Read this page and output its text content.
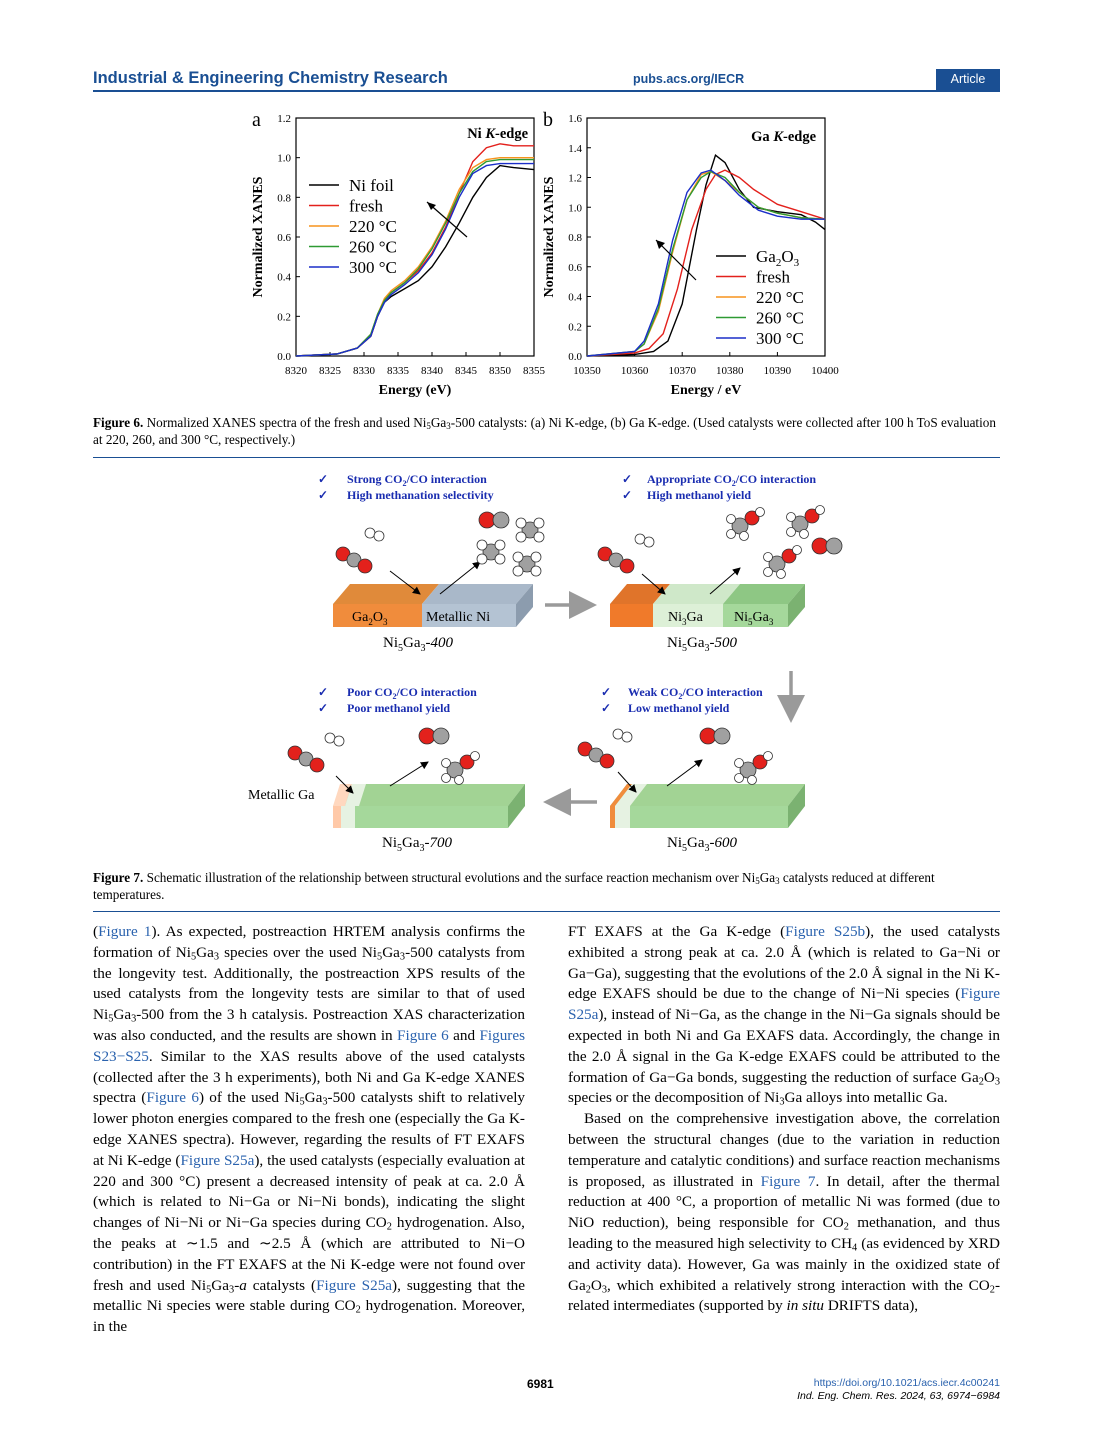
Industrial & Engineering Chemistry Research	pubs.acs.org/IECR	Article
a
0.0
0.2
0.4
0.6
0.8
1.0
1.2
8320 8325 8330 8335 8340 8345 8350 8355
Ni K-edge
Energy (eV)
Normalized XANES	Ni foil
fresh
220 °C
260 °C
300 °C
b
0.0
0.2
0.4
0.6
0.8
1.0
1.2
1.4
1.6
10350 10360 10370 10380 10390 10400
Ga K-edge
Energy / eV
Normalized XANES	$Ga_2O_3$
fresh
220 °C
260 °C
300 °C
Figure 6. Normalized XANES spectra of the fresh and used $Ni_5Ga_3-500$ catalysts: (a) Ni K-edge, (b) Ga K-edge. (Used catalysts were collected after 100 h ToS evaluation at 220, 260, and 300 °C, respectively.)
✓ Strong $CO_2/CO$ interaction
✓ High methanation selectivity
$Ga_2O_3$	Metallic Ni
$Ni_5Ga_3-400$
✓ Appropriate $CO_2/CO$ interaction
✓ High methanol yield
$Ni_3Ga$ $Ni_5Ga_3$
$Ni_5Ga_3-500$
✓ Poor $CO_2/CO$ interaction
✓ Poor methanol yield
Metallic Ga
$Ni_5Ga_3-700$
✓ Weak $CO_2/CO$ interaction
✓ Low methanol yield
$Ni_5Ga_3-600$
Figure 7. Schematic illustration of the relationship between structural evolutions and the surface reaction mechanism over $Ni_5Ga_3$ catalysts reduced at different temperatures.

(Figure 1). As expected, postreaction HRTEM analysis confirms the formation of $Ni_5Ga_3$ species over the used $Ni_5Ga_3-500$ catalysts from the longevity test. Additionally, the postreaction XPS results of the used catalysts from the longevity tests are similar to that of used $Ni_5Ga_3-500$ from the 3 h catalysis. Postreaction XAS characterization was also conducted, and the results are shown in Figure 6 and Figures S23−S25. Similar to the XAS results above of the used catalysts (collected after the 3 h experiments), both Ni and Ga K-edge XANES spectra (Figure 6) of the used $Ni_5Ga_3-500$ catalysts shift to relatively lower photon energies compared to the fresh one (especially the Ga K-edge XANES spectra). However, regarding the results of FT EXAFS at Ni K-edge (Figure S25a), the used catalysts (especially evaluation at 220 and 300 °C) present a decreased intensity of peak at ca. 2.0 Å (which is related to Ni−Ga or Ni−Ni bonds), indicating the slight changes of Ni−Ni or Ni−Ga species during $CO_2$ hydrogenation. Also, the peaks at ∼1.5 and ∼2.5 Å (which are attributed to Ni−O contribution) in the FT EXAFS at the Ni K-edge were not found over fresh and used $Ni_5Ga_3-a$ catalysts (Figure S25a), suggesting that the metallic Ni species were stable during $CO_2$ hydrogenation. Moreover, in the

FT EXAFS at the Ga K-edge (Figure S25b), the used catalysts exhibited a strong peak at ca. 2.0 Å (which is related to Ga−Ni or Ga−Ga), suggesting that the evolutions of the 2.0 Å signal in the Ni K-edge EXAFS should be due to the change of Ni−Ni species (Figure S25a), instead of Ni−Ga, as the change in the Ni−Ga signals should be expected in both Ni and Ga EXAFS data. Accordingly, the change in the 2.0 Å signal in the Ga K-edge EXAFS could be attributed to the formation of Ga−Ga bonds, suggesting the reduction of surface $Ga_2O_3$ species or the decomposition of $Ni_3Ga$ alloys into metallic Ga.

Based on the comprehensive investigation above, the correlation between the structural changes (due to the variation in reduction temperature and catalytic conditions) and surface reaction mechanisms is proposed, as illustrated in Figure 7. In detail, after the thermal reduction at 400 °C, a proportion of metallic Ni was formed (due to NiO reduction), being responsible for $CO_2$ methanation, and thus leading to the measured high selectivity to $CH_4$ (as evidenced by XRD and activity data). However, Ga was mainly in the oxidized state of $Ga_2O_3$, which exhibited a relatively strong interaction with the $CO_2$-related intermediates (supported by in situ DRIFTS data),

6981	https://doi.org/10.1021/acs.iecr.4c00241
Ind. Eng. Chem. Res. 2024, 63, 6974−6984
